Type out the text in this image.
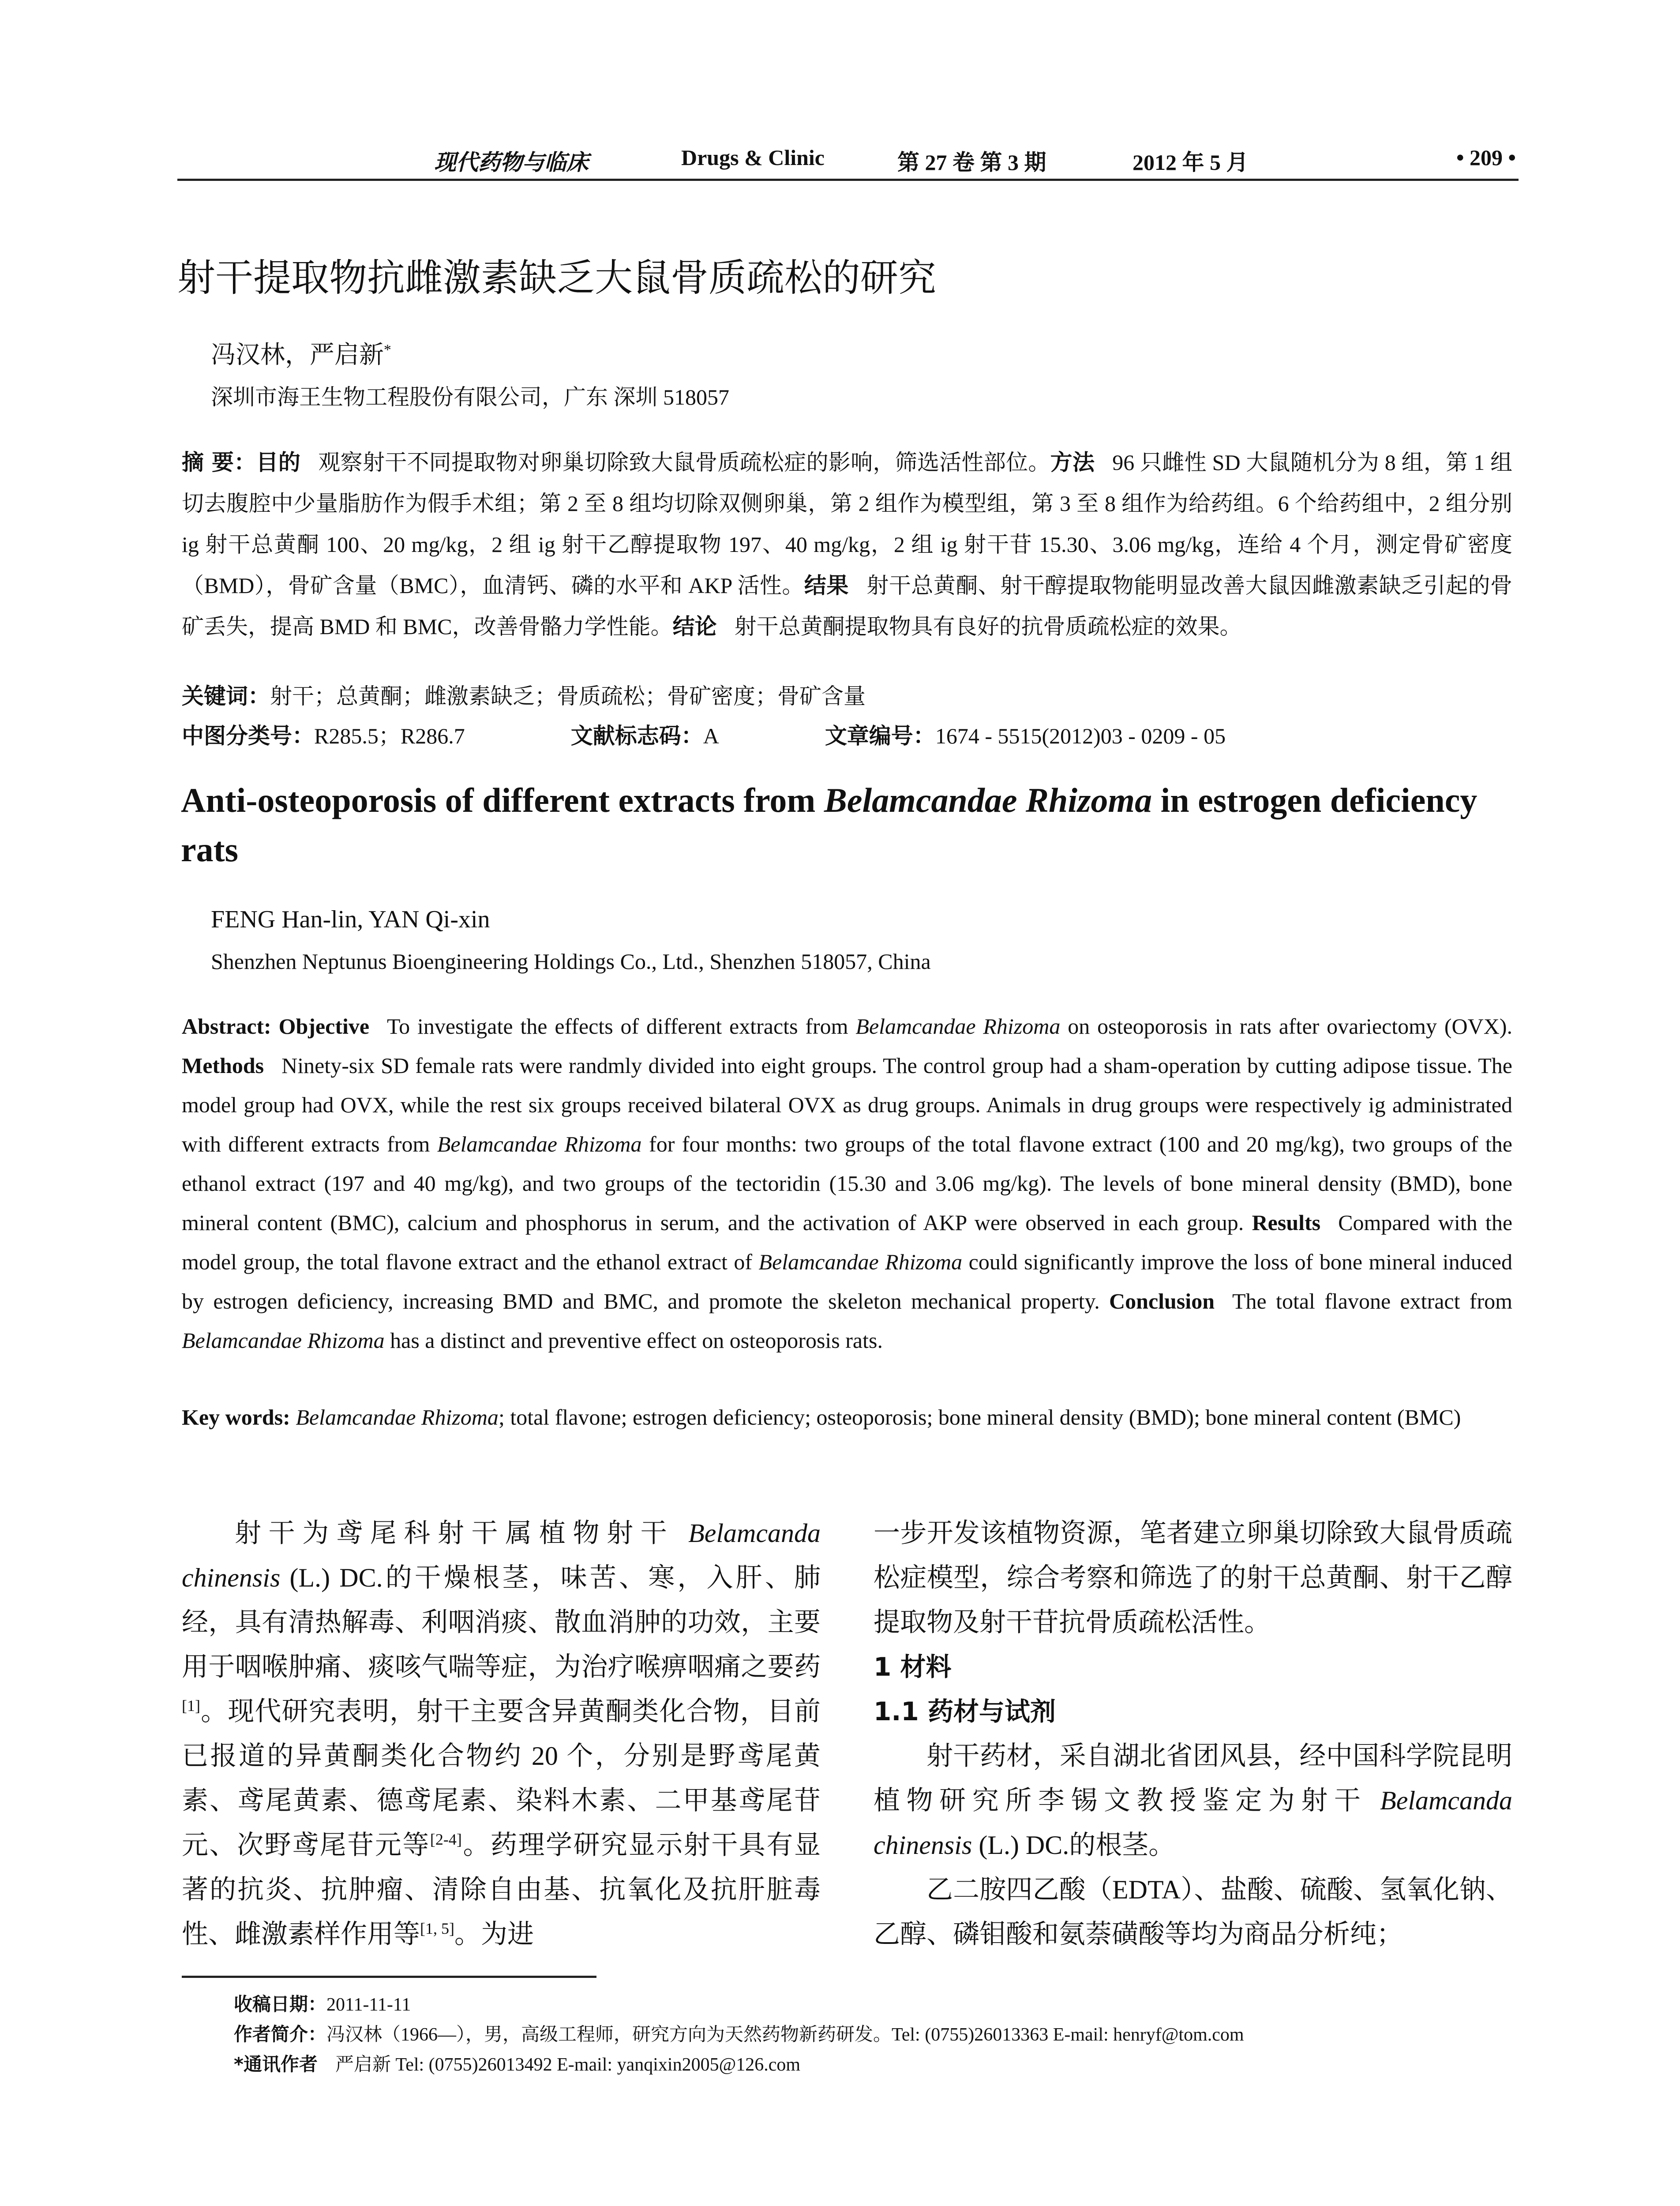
现代药物与临床	Drugs & Clinic	第 27 卷 第 3 期	2012 年 5 月	• 209 •
射干提取物抗雌激素缺乏大鼠骨质疏松的研究
冯汉林，严启新*
深圳市海王生物工程股份有限公司，广东 深圳 518057

摘 要：目的 观察射干不同提取物对卵巢切除致大鼠骨质疏松症的影响，筛选活性部位。方法 96 只雌性 SD 大鼠随机分为 8 组，第 1 组切去腹腔中少量脂肪作为假手术组；第 2 至 8 组均切除双侧卵巢，第 2 组作为模型组，第 3 至 8 组作为给药组。6 个给药组中，2 组分别 ig 射干总黄酮 100、20 mg/kg，2 组 ig 射干乙醇提取物 197、40 mg/kg，2 组 ig 射干苷 15.30、3.06 mg/kg，连给 4 个月，测定骨矿密度（BMD），骨矿含量（BMC），血清钙、磷的水平和 AKP 活性。结果 射干总黄酮、射干醇提取物能明显改善大鼠因雌激素缺乏引起的骨矿丢失，提高 BMD 和 BMC，改善骨骼力学性能。结论 射干总黄酮提取物具有良好的抗骨质疏松症的效果。

关键词：射干；总黄酮；雌激素缺乏；骨质疏松；骨矿密度；骨矿含量
中图分类号：R285.5；R286.7	文献标志码：A	文章编号：1674 - 5515(2012)03 - 0209 - 05

Anti-osteoporosis of different extracts from Belamcandae Rhizoma in estrogen deficiency rats

FENG Han-lin, YAN Qi-xin
Shenzhen Neptunus Bioengineering Holdings Co., Ltd., Shenzhen 518057, China

Abstract: Objective To investigate the effects of different extracts from Belamcandae Rhizoma on osteoporosis in rats after ovariectomy (OVX). Methods Ninety-six SD female rats were randmly divided into eight groups. The control group had a sham-operation by cutting adipose tissue. The model group had OVX, while the rest six groups received bilateral OVX as drug groups. Animals in drug groups were respectively ig administrated with different extracts from Belamcandae Rhizoma for four months: two groups of the total flavone extract (100 and 20 mg/kg), two groups of the ethanol extract (197 and 40 mg/kg), and two groups of the tectoridin (15.30 and 3.06 mg/kg). The levels of bone mineral density (BMD), bone mineral content (BMC), calcium and phosphorus in serum, and the activation of AKP were observed in each group. Results Compared with the model group, the total flavone extract and the ethanol extract of Belamcandae Rhizoma could significantly improve the loss of bone mineral induced by estrogen deficiency, increasing BMD and BMC, and promote the skeleton mechanical property. Conclusion The total flavone extract from Belamcandae Rhizoma has a distinct and preventive effect on osteoporosis rats.

Key words: Belamcandae Rhizoma; total flavone; estrogen deficiency; osteoporosis; bone mineral density (BMD); bone mineral content (BMC)

射干为鸢尾科射干属植物射干 Belamcanda chinensis (L.) DC.的干燥根茎，味苦、寒，入肝、肺经，具有清热解毒、利咽消痰、散血消肿的功效，主要用于咽喉肿痛、痰咳气喘等症，为治疗喉痹咽痛之要药[1]。现代研究表明，射干主要含异黄酮类化合物，目前已报道的异黄酮类化合物约 20 个，分别是野鸢尾黄素、鸢尾黄素、德鸢尾素、染料木素、二甲基鸢尾苷元、次野鸢尾苷元等[2-4]。药理学研究显示射干具有显著的抗炎、抗肿瘤、清除自由基、抗氧化及抗肝脏毒性、雌激素样作用等[1, 5]。为进

一步开发该植物资源，笔者建立卵巢切除致大鼠骨质疏松症模型，综合考察和筛选了的射干总黄酮、射干乙醇提取物及射干苷抗骨质疏松活性。

1 材料
1.1 药材与试剂

射干药材，采自湖北省团风县，经中国科学院昆明植物研究所李锡文教授鉴定为射干 Belamcanda chinensis (L.) DC.的根茎。

乙二胺四乙酸（EDTA）、盐酸、硫酸、氢氧化钠、乙醇、磷钼酸和氨萘磺酸等均为商品分析纯；

收稿日期：2011-11-11
作者简介：冯汉林（1966—），男，高级工程师，研究方向为天然药物新药研发。Tel: (0755)26013363 E-mail: henryf@tom.com
*通讯作者 严启新 Tel: (0755)26013492 E-mail: yanqixin2005@126.com
